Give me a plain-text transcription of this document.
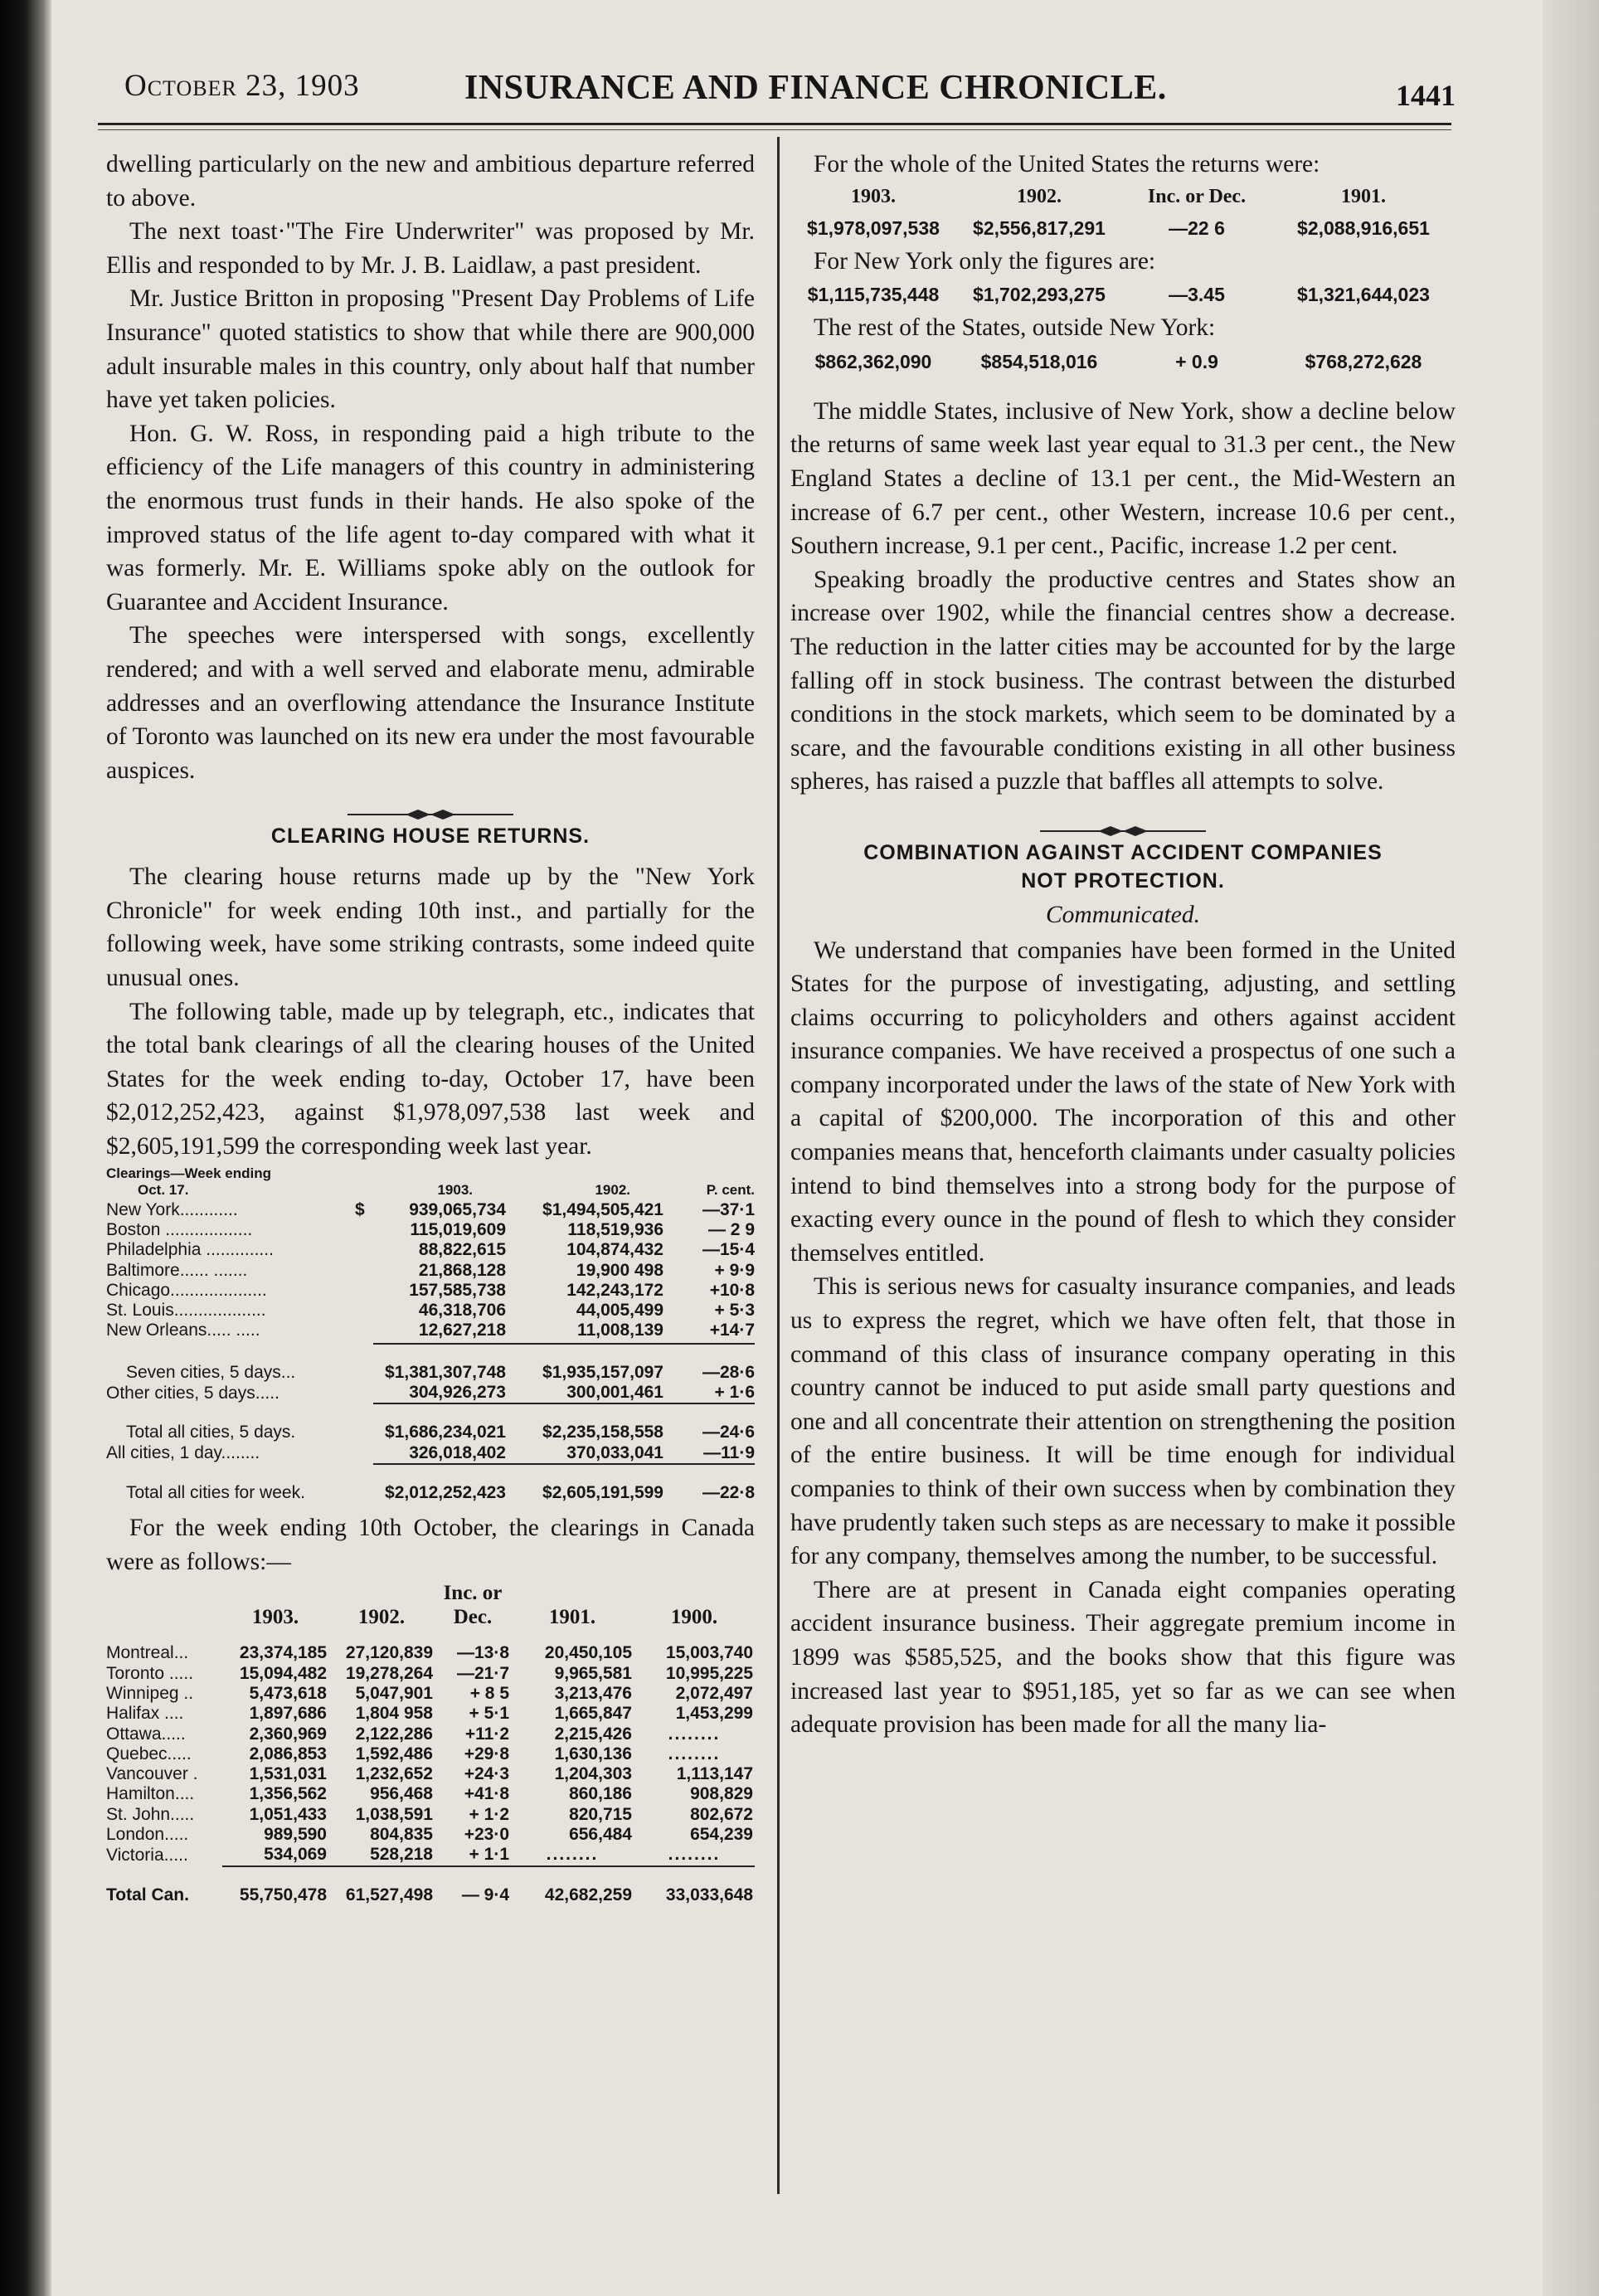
October 23, 1903	INSURANCE AND FINANCE CHRONICLE.	1441

dwelling particularly on the new and ambitious departure referred to above.

The next toast·"The Fire Underwriter" was proposed by Mr. Ellis and responded to by Mr. J. B. Laidlaw, a past president.

Mr. Justice Britton in proposing "Present Day Problems of Life Insurance" quoted statistics to show that while there are 900,000 adult insurable males in this country, only about half that number have yet taken policies.

Hon. G. W. Ross, in responding paid a high tribute to the efficiency of the Life managers of this country in administering the enormous trust funds in their hands. He also spoke of the improved status of the life agent to-day compared with what it was formerly. Mr. E. Williams spoke ably on the outlook for Guarantee and Accident Insurance.

The speeches were interspersed with songs, excellently rendered; and with a well served and elaborate menu, admirable addresses and an overflowing attendance the Insurance Institute of Toronto was launched on its new era under the most favourable auspices.

CLEARING HOUSE RETURNS.

The clearing house returns made up by the "New York Chronicle" for week ending 10th inst., and partially for the following week, have some striking contrasts, some indeed quite unusual ones.

The following table, made up by telegraph, etc., indicates that the total bank clearings of all the clearing houses of the United States for the week ending to-day, October 17, have been $2,012,252,423, against $1,978,097,538 last week and $2,605,191,599 the corresponding week last year.

Clearings—Week ending			
Oct. 17.	1903.	1902.	P. cent.
New York............	$	939,065,734	$1,494,505,421	—37·1
Boston ..................		115,019,609	118,519,936	— 2 9
Philadelphia ..............		88,822,615	104,874,432	—15·4
Baltimore...... .......		21,868,128	19,900 498	+ 9·9
Chicago....................		157,585,738	142,243,172	+10·8
St. Louis...................		46,318,706	44,005,499	+ 5·3
New Orleans..... .....		12,627,218	11,008,139	+14·7

Seven cities, 5 days...	$1,381,307,748	$1,935,157,097	—28·6
Other cities, 5 days.....	304,926,273	300,001,461	+ 1·6

Total all cities, 5 days.	$1,686,234,021	$2,235,158,558	—24·6
All cities, 1 day........	326,018,402	370,033,041	—11·9

Total all cities for week.	$2,012,252,423	$2,605,191,599	—22·8

For the week ending 10th October, the clearings in Canada were as follows:—

			Inc. or		
	1903.	1902.	Dec.	1901.	1900.
Montreal...	23,374,185	27,120,839	—13·8	20,450,105	15,003,740
Toronto .....	15,094,482	19,278,264	—21·7	9,965,581	10,995,225
Winnipeg ..	5,473,618	5,047,901	+ 8 5	3,213,476	2,072,497
Halifax ....	1,897,686	1,804 958	+ 5·1	1,665,847	1,453,299
Ottawa.....	2,360,969	2,122,286	+11·2	2,215,426	........
Quebec.....	2,086,853	1,592,486	+29·8	1,630,136	........
Vancouver .	1,531,031	1,232,652	+24·3	1,204,303	1,113,147
Hamilton....	1,356,562	956,468	+41·8	860,186	908,829
St. John.....	1,051,433	1,038,591	+ 1·2	820,715	802,672
London.....	989,590	804,835	+23·0	656,484	654,239
Victoria.....	534,069	528,218	+ 1·1	........	........

Total Can.	55,750,478	61,527,498	— 9·4	42,682,259	33,033,648

For the whole of the United States the returns were:

1903.	1902.	Inc. or Dec.	1901.
$1,978,097,538	$2,556,817,291	—22 6	$2,088,916,651

For New York only the figures are:

$1,115,735,448	$1,702,293,275	—3.45	$1,321,644,023

The rest of the States, outside New York:

$862,362,090	$854,518,016	+ 0.9	$768,272,628

The middle States, inclusive of New York, show a decline below the returns of same week last year equal to 31.3 per cent., the New England States a decline of 13.1 per cent., the Mid-Western an increase of 6.7 per cent., other Western, increase 10.6 per cent., Southern increase, 9.1 per cent., Pacific, increase 1.2 per cent.

Speaking broadly the productive centres and States show an increase over 1902, while the financial centres show a decrease. The reduction in the latter cities may be accounted for by the large falling off in stock business. The contrast between the disturbed conditions in the stock markets, which seem to be dominated by a scare, and the favourable conditions existing in all other business spheres, has raised a puzzle that baffles all attempts to solve.

COMBINATION AGAINST ACCIDENT COMPANIES
NOT PROTECTION.
Communicated.

We understand that companies have been formed in the United States for the purpose of investigating, adjusting, and settling claims occurring to policyholders and others against accident insurance companies. We have received a prospectus of one such a company incorporated under the laws of the state of New York with a capital of $200,000. The incorporation of this and other companies means that, henceforth claimants under casualty policies intend to bind themselves into a strong body for the purpose of exacting every ounce in the pound of flesh to which they consider themselves entitled.

This is serious news for casualty insurance companies, and leads us to express the regret, which we have often felt, that those in command of this class of insurance company operating in this country cannot be induced to put aside small party questions and one and all concentrate their attention on strengthening the position of the entire business. It will be time enough for individual companies to think of their own success when by combination they have prudently taken such steps as are necessary to make it possible for any company, themselves among the number, to be successful.

There are at present in Canada eight companies operating accident insurance business. Their aggregate premium income in 1899 was $585,525, and the books show that this figure was increased last year to $951,185, yet so far as we can see when adequate provision has been made for all the many lia-
